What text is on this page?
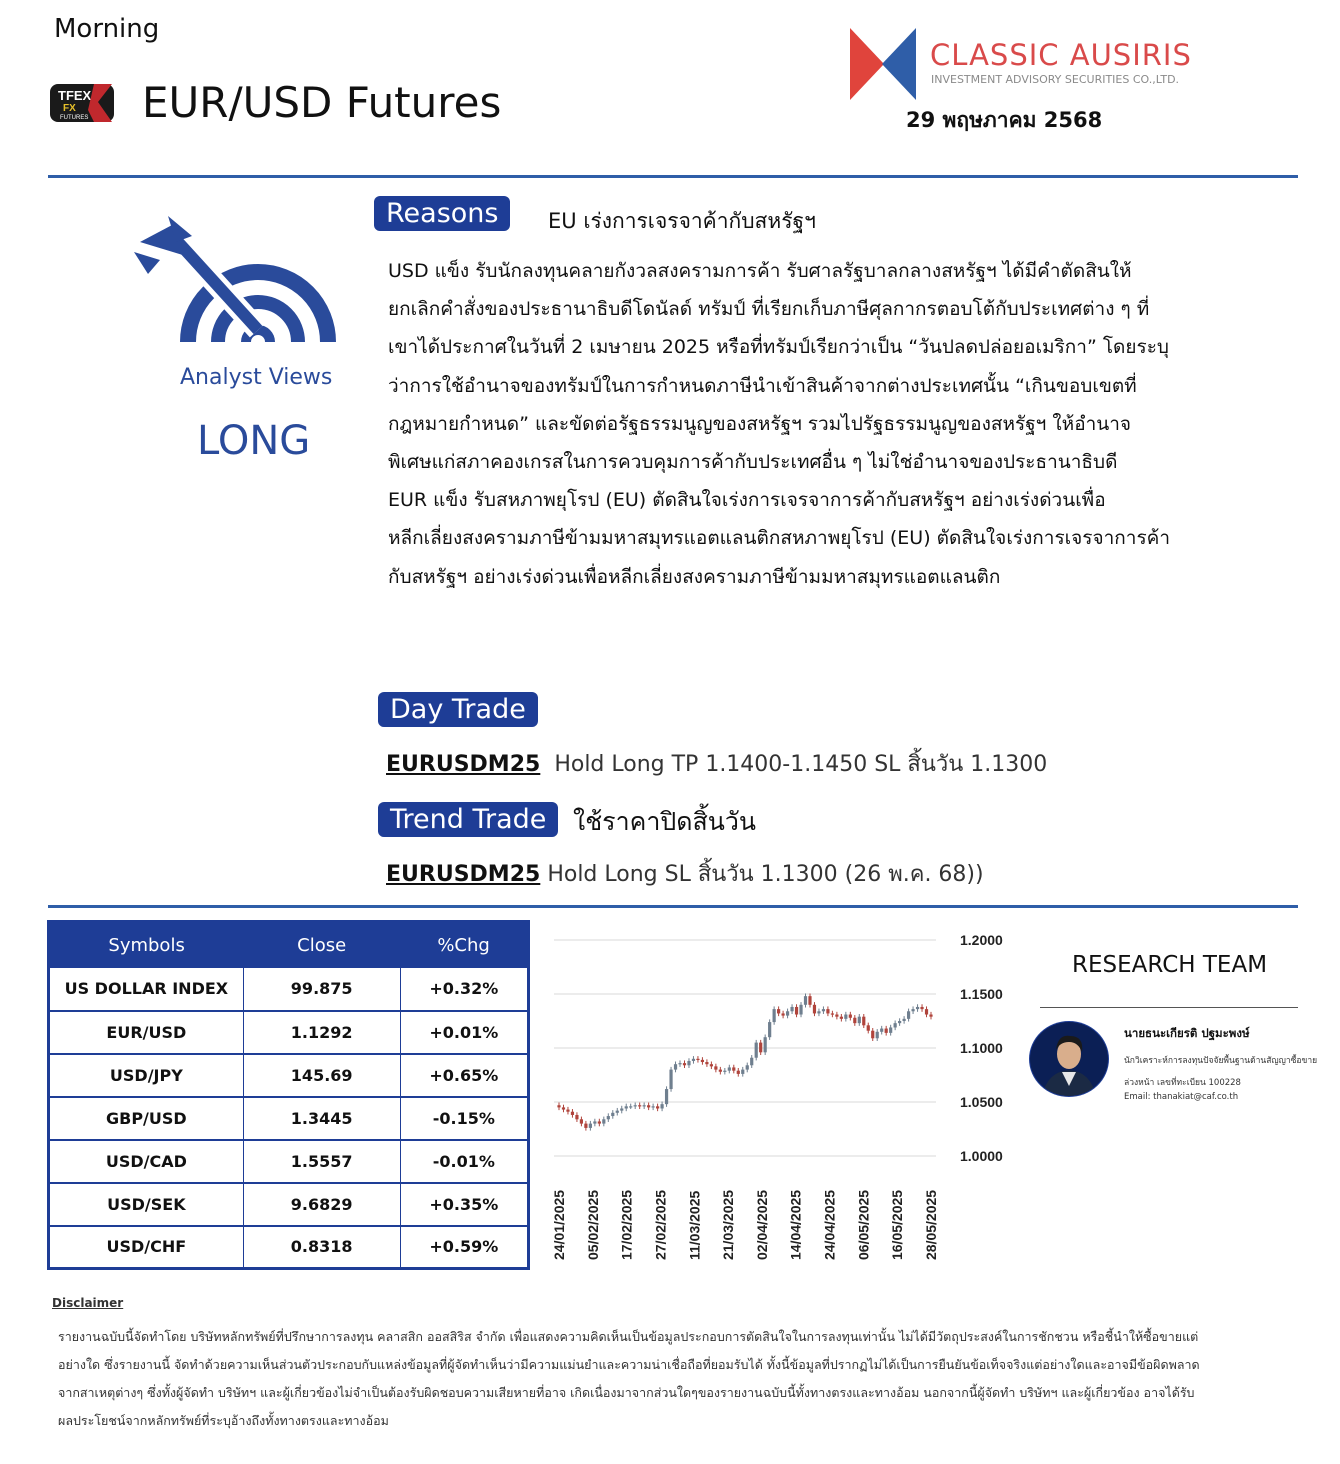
Morning
TFEX
FX
FUTURES EUR/USD Futures
CLASSIC AUSIRIS
INVESTMENT ADVISORY SECURITIES CO.,LTD.
29 พฤษภาคม 2568
Analyst Views
LONG
Reasons	EU เร่งการเจรจาค้ากับสหรัฐฯ
USD แข็ง รับนักลงทุนคลายกังวลสงครามการค้า รับศาลรัฐบาลกลางสหรัฐฯ ได้มีคำตัดสินให้
ยกเลิกคำสั่งของประธานาธิบดีโดนัลด์ ทรัมป์ ที่เรียกเก็บภาษีศุลกากรตอบโต้กับประเทศต่าง ๆ ที่
เขาได้ประกาศในวันที่ 2 เมษายน 2025 หรือที่ทรัมป์เรียกว่าเป็น “วันปลดปล่อยอเมริกา” โดยระบุ
ว่าการใช้อำนาจของทรัมป์ในการกำหนดภาษีนำเข้าสินค้าจากต่างประเทศนั้น “เกินขอบเขตที่
กฎหมายกำหนด” และขัดต่อรัฐธรรมนูญของสหรัฐฯ รวมไปรัฐธรรมนูญของสหรัฐฯ ให้อำนาจ
พิเศษแก่สภาคองเกรสในการควบคุมการค้ากับประเทศอื่น ๆ ไม่ใช่อำนาจของประธานาธิบดี
EUR แข็ง รับสหภาพยุโรป (EU) ตัดสินใจเร่งการเจรจาการค้ากับสหรัฐฯ อย่างเร่งด่วนเพื่อ
หลีกเลี่ยงสงครามภาษีข้ามมหาสมุทรแอตแลนติกสหภาพยุโรป (EU) ตัดสินใจเร่งการเจรจาการค้า
กับสหรัฐฯ อย่างเร่งด่วนเพื่อหลีกเลี่ยงสงครามภาษีข้ามมหาสมุทรแอตแลนติก
Day Trade
EURUSDM25 Hold Long TP 1.1400-1.1450 SL สิ้นวัน 1.1300
Trend Trade	ใช้ราคาปิดสิ้นวัน
EURUSDM25 Hold Long SL สิ้นวัน 1.1300 (26 พ.ค. 68))
Symbols	Close	%Chg
US DOLLAR INDEX	99.875	+0.32%
EUR/USD	1.1292	+0.01%
USD/JPY	145.69	+0.65%
GBP/USD	1.3445	-0.15%
USD/CAD	1.5557	-0.01%
USD/SEK	9.6829	+0.35%
USD/CHF	0.8318	+0.59%
1.2000
1.1500
1.1000
1.0500
1.0000
24/01/2025 05/02/2025 17/02/2025 27/02/2025 11/03/2025 21/03/2025 02/04/2025 14/04/2025 24/04/2025 06/05/2025 16/05/2025 28/05/2025
RESEARCH TEAM
นายธนะเกียรติ ปฐมะพงษ์
นักวิเคราะห์การลงทุนปัจจัยพื้นฐานด้านสัญญาซื้อขายล่วงหน้า เลขที่ทะเบียน 100228
Email: thanakiat@caf.co.th
Disclaimer
รายงานฉบับนี้จัดทำโดย บริษัทหลักทรัพย์ที่ปรึกษาการลงทุน คลาสสิก ออสสิริส จำกัด เพื่อแสดงความคิดเห็นเป็นข้อมูลประกอบการตัดสินใจในการลงทุนเท่านั้น ไม่ได้มีวัตถุประสงค์ในการชักชวน หรือชี้นำให้ซื้อขายแต่
อย่างใด ซึ่งรายงานนี้ จัดทำด้วยความเห็นส่วนตัวประกอบกับแหล่งข้อมูลที่ผู้จัดทำเห็นว่ามีความแม่นยำและความน่าเชื่อถือที่ยอมรับได้ ทั้งนี้ข้อมูลที่ปรากฏไม่ได้เป็นการยืนยันข้อเท็จจริงแต่อย่างใดและอาจมีข้อผิดพลาด
จากสาเหตุต่างๆ ซึ่งทั้งผู้จัดทำ บริษัทฯ และผู้เกี่ยวข้องไม่จำเป็นต้องรับผิดชอบความเสียหายที่อาจ เกิดเนื่องมาจากส่วนใดๆของรายงานฉบับนี้ทั้งทางตรงและทางอ้อม นอกจากนี้ผู้จัดทำ บริษัทฯ และผู้เกี่ยวข้อง อาจได้รับ
ผลประโยชน์จากหลักทรัพย์ที่ระบุอ้างถึงทั้งทางตรงและทางอ้อม
